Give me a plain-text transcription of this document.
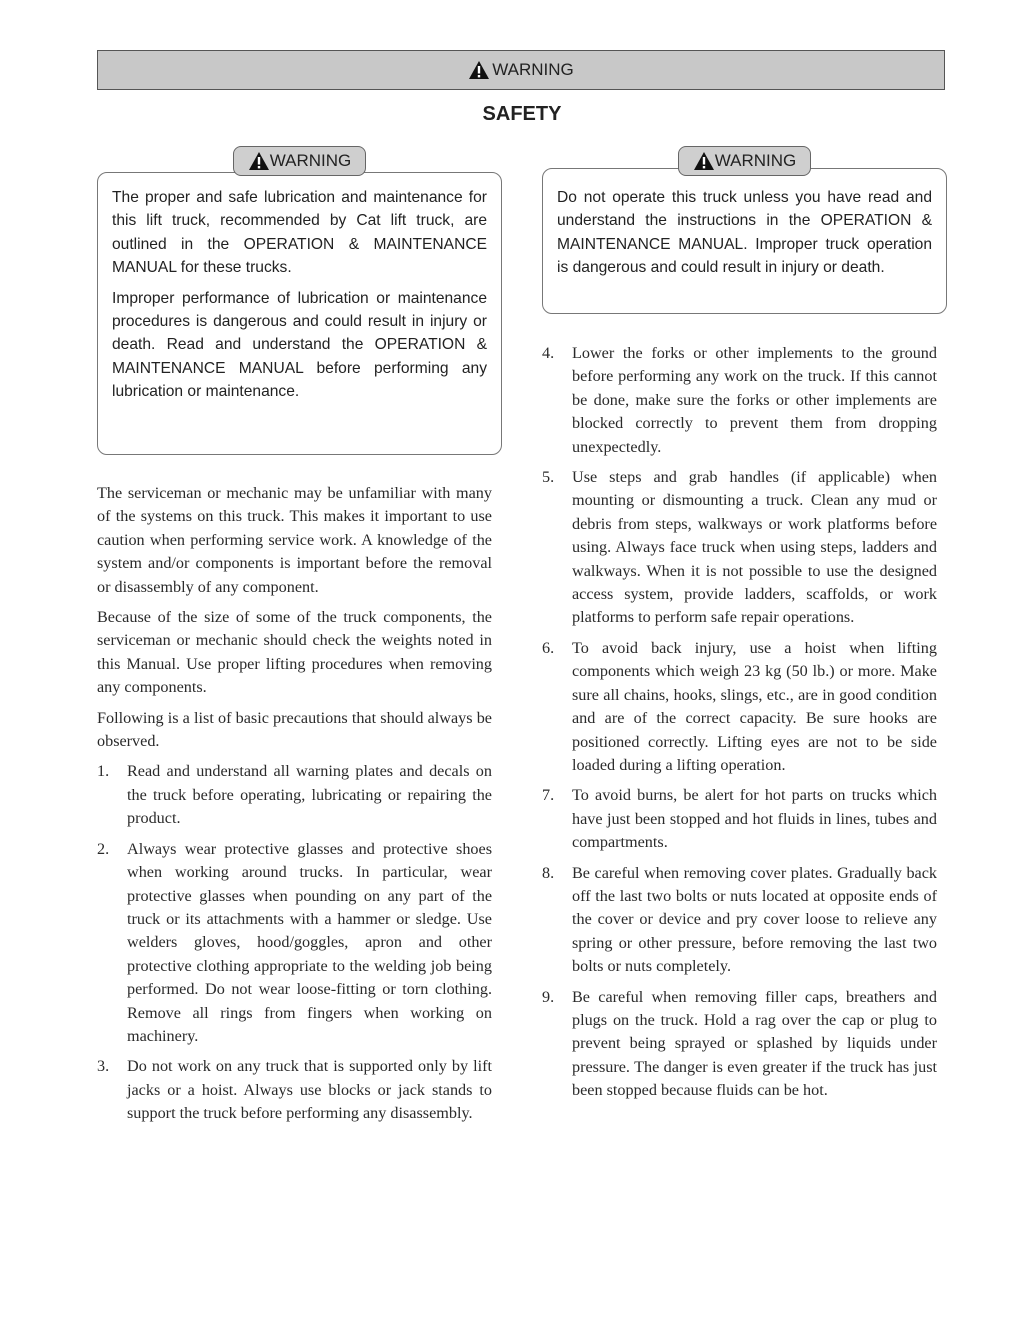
WARNING
SAFETY

The proper and safe lubrication and maintenance for this lift truck, recommended by Cat lift truck, are outlined in the OPERATION & MAINTENANCE MANUAL for these trucks.

Improper performance of lubrication or maintenance procedures is dangerous and could result in injury or death. Read and understand the OPERATION & MAINTENANCE MANUAL before performing any lubrication or maintenance.

WARNING

Do not operate this truck unless you have read and understand the instructions in the OPERATION & MAINTENANCE MANUAL. Improper truck operation is dangerous and could result in injury or death.

WARNING

The serviceman or mechanic may be unfamiliar with many of the systems on this truck. This makes it important to use caution when performing service work. A knowledge of the system and/or components is important before the removal or disassembly of any component.

Because of the size of some of the truck components, the serviceman or mechanic should check the weights noted in this Manual. Use proper lifting procedures when removing any components.

Following is a list of basic precautions that should always be observed.

1.	Read and understand all warning plates and decals on the truck before operating, lubricating or repairing the product.
2.	Always wear protective glasses and protective shoes when working around trucks. In particular, wear protective glasses when pounding on any part of the truck or its attachments with a hammer or sledge. Use welders gloves, hood/goggles, apron and other protective clothing appropriate to the welding job being performed. Do not wear loose-fitting or torn clothing. Remove all rings from fingers when working on machinery.
3.	Do not work on any truck that is supported only by lift jacks or a hoist. Always use blocks or jack stands to support the truck before performing any disassembly.
4.	Lower the forks or other implements to the ground before performing any work on the truck. If this cannot be done, make sure the forks or other implements are blocked correctly to prevent them from dropping unexpectedly.
5.	Use steps and grab handles (if applicable) when mounting or dismounting a truck. Clean any mud or debris from steps, walkways or work platforms before using. Always face truck when using steps, ladders and walkways. When it is not possible to use the designed access system, provide ladders, scaffolds, or work platforms to perform safe repair operations.
6.	To avoid back injury, use a hoist when lifting components which weigh 23 kg (50 lb.) or more. Make sure all chains, hooks, slings, etc., are in good condition and are of the correct capacity. Be sure hooks are positioned correctly. Lifting eyes are not to be side loaded during a lifting operation.
7.	To avoid burns, be alert for hot parts on trucks which have just been stopped and hot fluids in lines, tubes and compartments.
8.	Be careful when removing cover plates. Gradually back off the last two bolts or nuts located at opposite ends of the cover or device and pry cover loose to relieve any spring or other pressure, before removing the last two bolts or nuts completely.
9.	Be careful when removing filler caps, breathers and plugs on the truck. Hold a rag over the cap or plug to prevent being sprayed or splashed by liquids under pressure. The danger is even greater if the truck has just been stopped because fluids can be hot.
